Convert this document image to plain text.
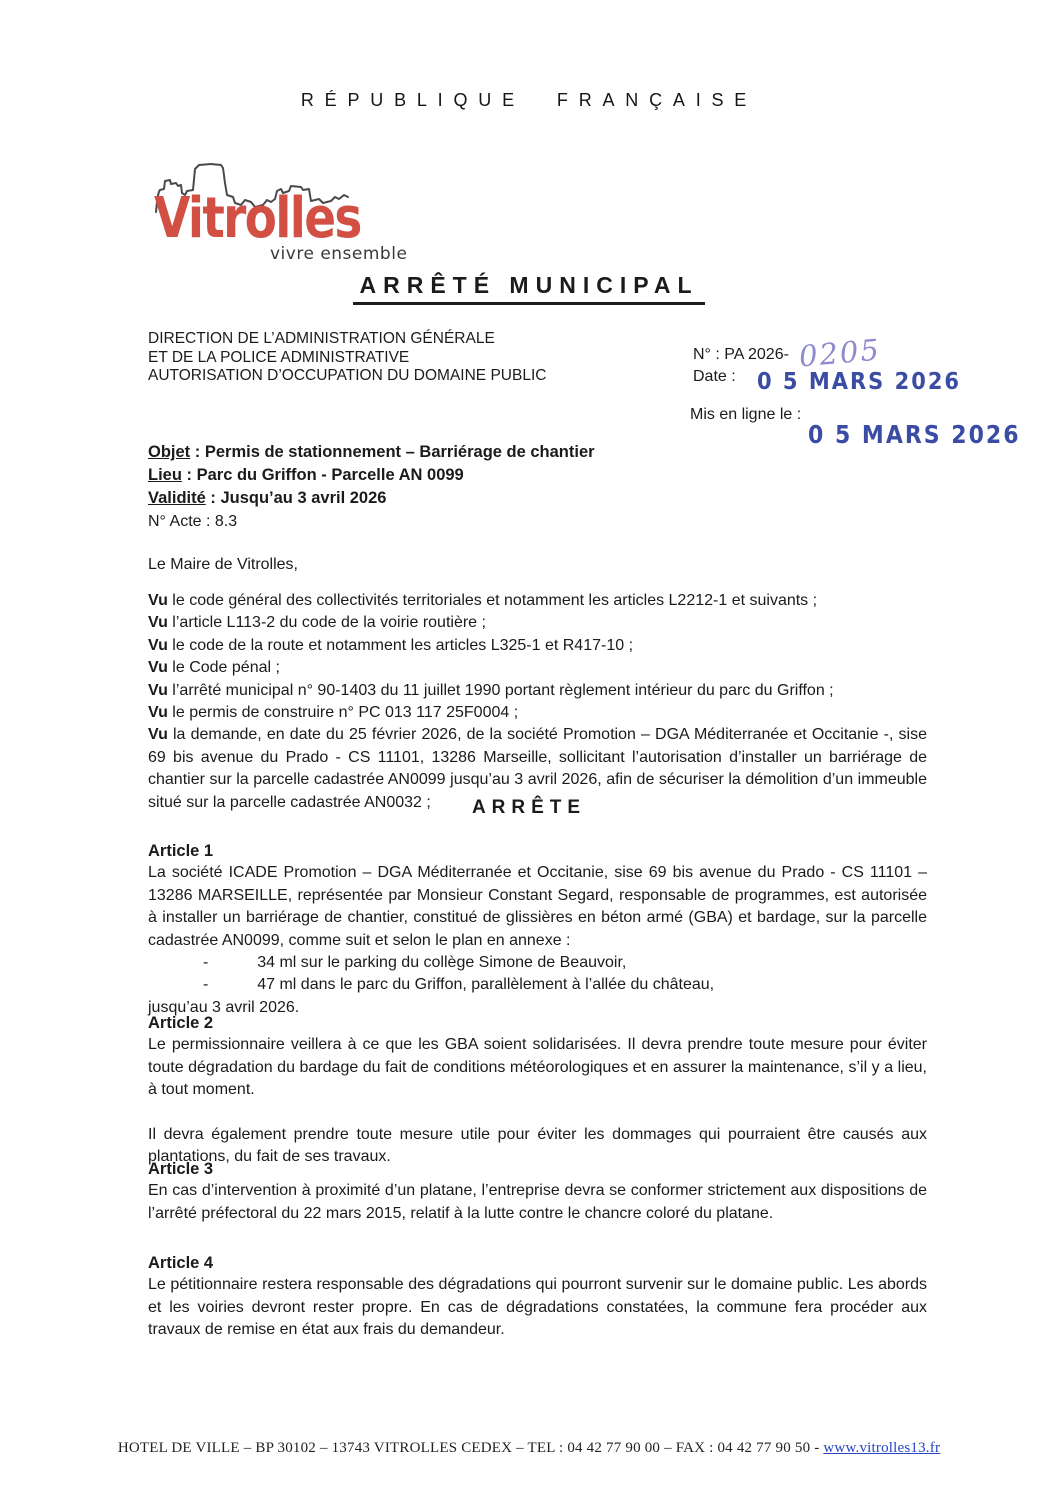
RÉPUBLIQUE FRANÇAISE
Vitrolles
vivre ensemble
ARRÊTÉ MUNICIPAL
DIRECTION DE L’ADMINISTRATION GÉNÉRALE
ET DE LA POLICE ADMINISTRATIVE
AUTORISATION D’OCCUPATION DU DOMAINE PUBLIC
N° : PA 2026- 0205
Date : 0 5 MARS 2026
Mis en ligne le :
0 5 MARS 2026
Objet : Permis de stationnement – Barriérage de chantier
Lieu : Parc du Griffon - Parcelle AN 0099
Validité : Jusqu’au 3 avril 2026
N° Acte : 8.3
Le Maire de Vitrolles,

Vu le code général des collectivités territoriales et notamment les articles L2212-1 et suivants ;

Vu l’article L113-2 du code de la voirie routière ;

Vu le code de la route et notamment les articles L325-1 et R417-10 ;

Vu le Code pénal ;

Vu l’arrêté municipal n° 90-1403 du 11 juillet 1990 portant règlement intérieur du parc du Griffon ;

Vu le permis de construire n° PC 013 117 25F0004 ;

Vu la demande, en date du 25 février 2026, de la société Promotion – DGA Méditerranée et Occitanie -, sise 69 bis avenue du Prado - CS 11101, 13286 Marseille, sollicitant l’autorisation d’installer un barriérage de chantier sur la parcelle cadastrée AN0099 jusqu’au 3 avril 2026, afin de sécuriser la démolition d’un immeuble situé sur la parcelle cadastrée AN0032 ;	ARRÊTE
Article 1

La société ICADE Promotion – DGA Méditerranée et Occitanie, sise 69 bis avenue du Prado - CS 11101 – 13286 MARSEILLE, représentée par Monsieur Constant Segard, responsable de programmes, est autorisée à installer un barriérage de chantier, constitué de glissières en béton armé (GBA) et bardage, sur la parcelle cadastrée AN0099, comme suit et selon le plan en annexe :

-           34 ml sur le parking du collège Simone de Beauvoir,

-           47 ml dans le parc du Griffon, parallèlement à l’allée du château,

jusqu’au 3 avril 2026.

Article 2

Le permissionnaire veillera à ce que les GBA soient solidarisées. Il devra prendre toute mesure pour éviter toute dégradation du bardage du fait de conditions météorologiques et en assurer la maintenance, s’il y a lieu, à tout moment.

Il devra également prendre toute mesure utile pour éviter les dommages qui pourraient être causés aux plantations, du fait de ses travaux.

Article 3

En cas d’intervention à proximité d’un platane, l’entreprise devra se conformer strictement aux dispositions de l’arrêté préfectoral du 22 mars 2015, relatif à la lutte contre le chancre coloré du platane.

Article 4

Le pétitionnaire restera responsable des dégradations qui pourront survenir sur le domaine public. Les abords et les voiries devront rester propre. En cas de dégradations constatées, la commune fera procéder aux travaux de remise en état aux frais du demandeur.

HOTEL DE VILLE – BP 30102 – 13743 VITROLLES CEDEX – TEL : 04 42 77 90 00 – FAX : 04 42 77 90 50 - www.vitrolles13.fr
